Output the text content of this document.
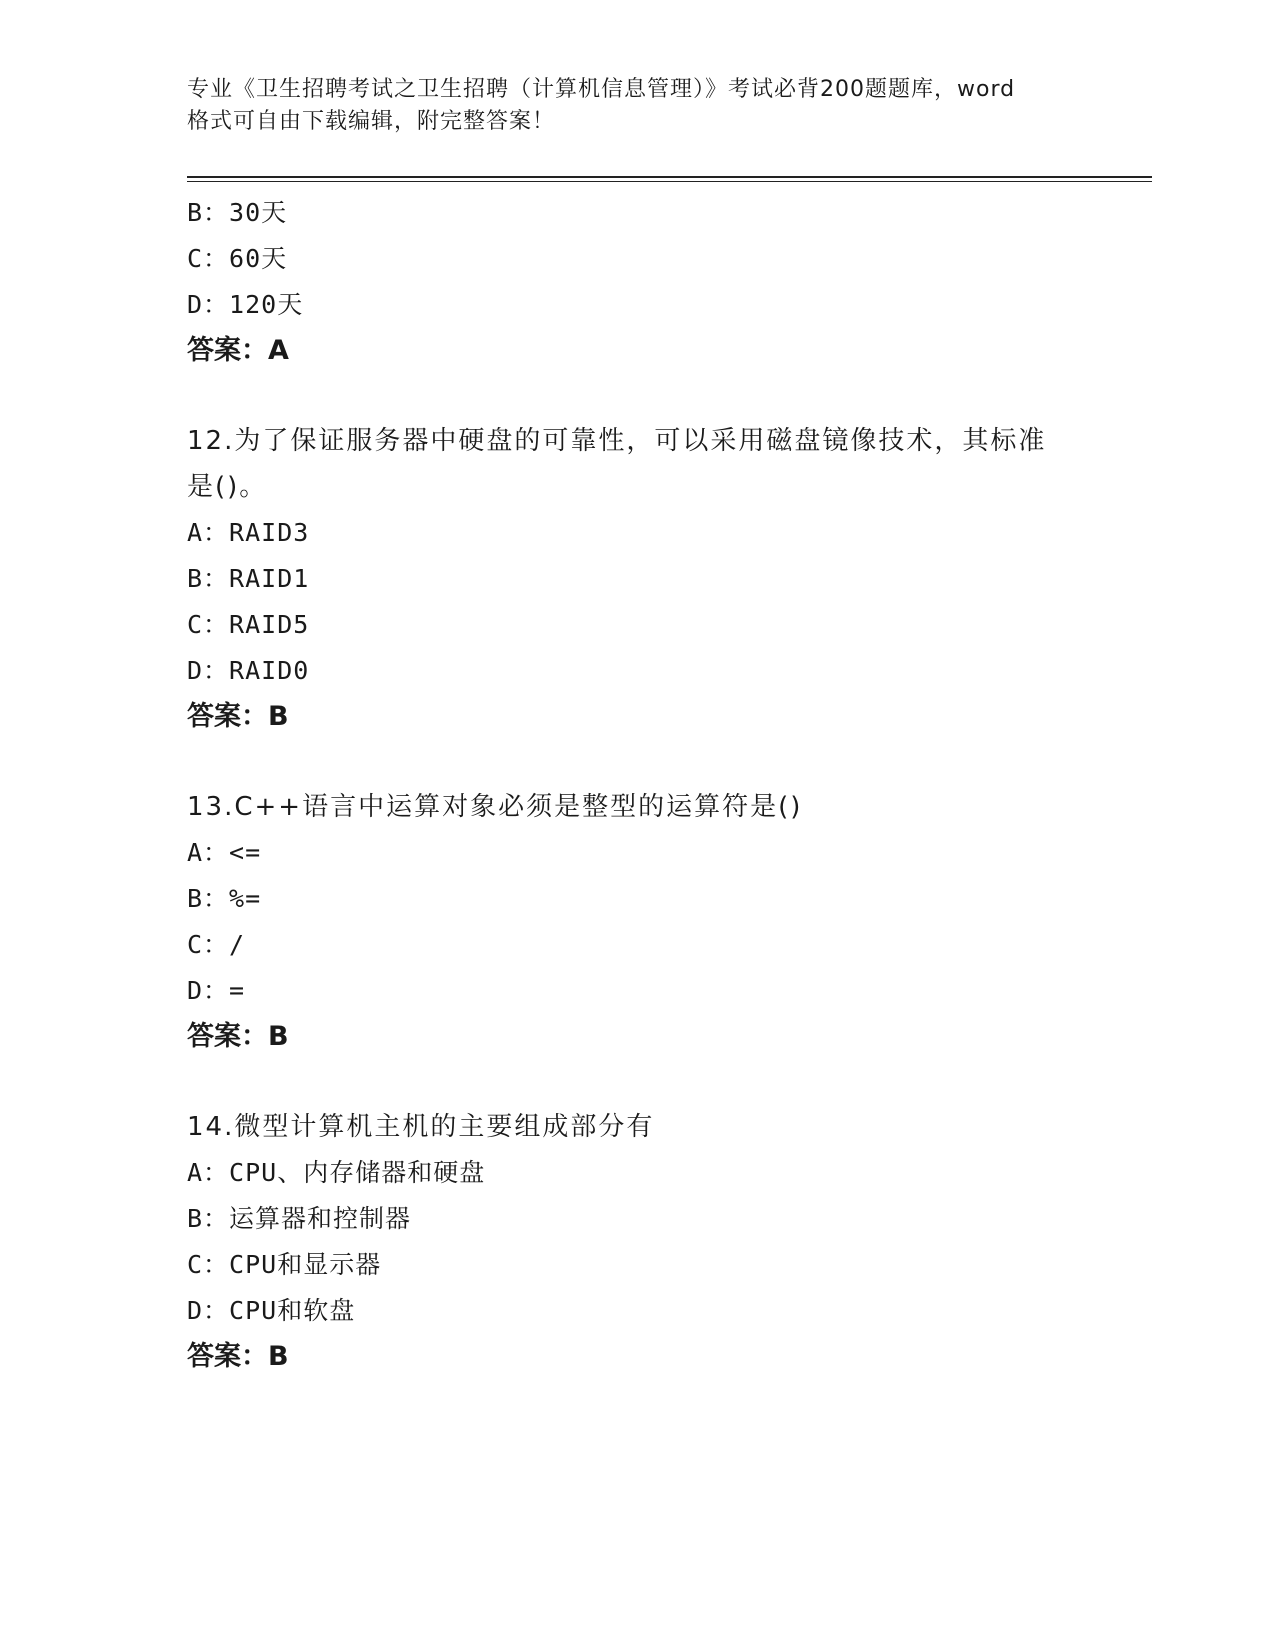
专业《卫生招聘考试之卫生招聘（计算机信息管理）》考试必背200题题库，word
格式可自由下载编辑，附完整答案！
B：30天
C：60天
D：120天
答案：A
12.为了保证服务器中硬盘的可靠性，可以采用磁盘镜像技术，其标准
是()。
A：RAID3
B：RAID1
C：RAID5
D：RAID0
答案：B
13.C++语言中运算对象必须是整型的运算符是()
A：<=
B：%=
C：/
D：=
答案：B
14.微型计算机主机的主要组成部分有
A：CPU、内存储器和硬盘
B：运算器和控制器
C：CPU和显示器
D：CPU和软盘
答案：B
